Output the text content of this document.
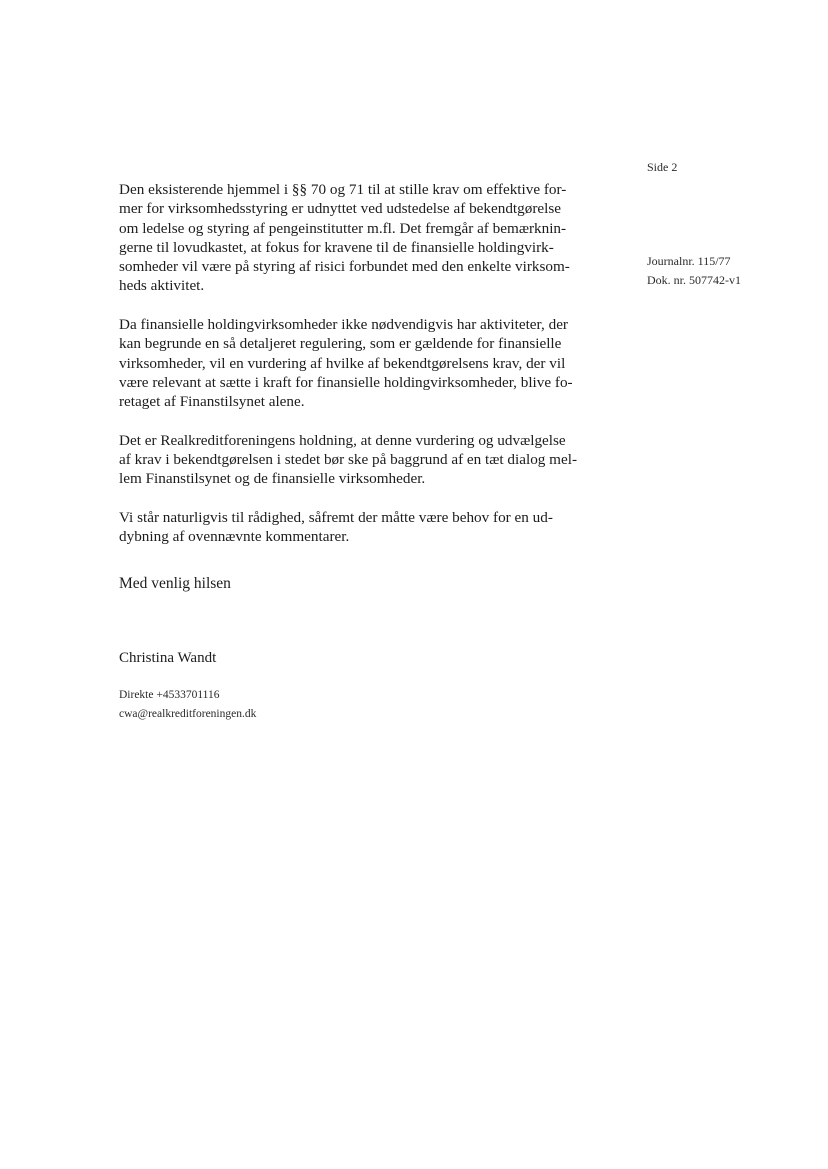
Side 2
Journalnr. 115/77
Dok. nr. 507742-v1

Den eksisterende hjemmel i §§ 70 og 71 til at stille krav om effektive for-
mer for virksomhedsstyring er udnyttet ved udstedelse af bekendtgørelse
om ledelse og styring af pengeinstitutter m.fl. Det fremgår af bemærknin-
gerne til lovudkastet, at fokus for kravene til de finansielle holdingvirk-
somheder vil være på styring af risici forbundet med den enkelte virksom-
heds aktivitet.

Da finansielle holdingvirksomheder ikke nødvendigvis har aktiviteter, der
kan begrunde en så detaljeret regulering, som er gældende for finansielle
virksomheder, vil en vurdering af hvilke af bekendtgørelsens krav, der vil
være relevant at sætte i kraft for finansielle holdingvirksomheder, blive fo-
retaget af Finanstilsynet alene.

Det er Realkreditforeningens holdning, at denne vurdering og udvælgelse
af krav i bekendtgørelsen i stedet bør ske på baggrund af en tæt dialog mel-
lem Finanstilsynet og de finansielle virksomheder.

Vi står naturligvis til rådighed, såfremt der måtte være behov for en ud-
dybning af ovennævnte kommentarer.

Med venlig hilsen
Christina Wandt
Direkte +4533701116
cwa@realkreditforeningen.dk
